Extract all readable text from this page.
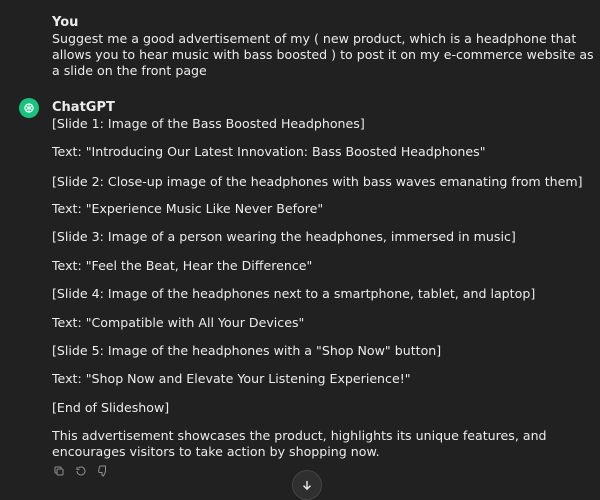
You
Suggest me a good advertisement of my ( new product, which is a headphone that
allows you to hear music with bass boosted ) to post it on my e-commerce website as
a slide on the front page
ChatGPT
[Slide 1: Image of the Bass Boosted Headphones]
Text: "Introducing Our Latest Innovation: Bass Boosted Headphones"
[Slide 2: Close-up image of the headphones with bass waves emanating from them]
Text: "Experience Music Like Never Before"
[Slide 3: Image of a person wearing the headphones, immersed in music]
Text: "Feel the Beat, Hear the Difference"
[Slide 4: Image of the headphones next to a smartphone, tablet, and laptop]
Text: "Compatible with All Your Devices"
[Slide 5: Image of the headphones with a "Shop Now" button]
Text: "Shop Now and Elevate Your Listening Experience!"
[End of Slideshow]
This advertisement showcases the product, highlights its unique features, and
encourages visitors to take action by shopping now.
